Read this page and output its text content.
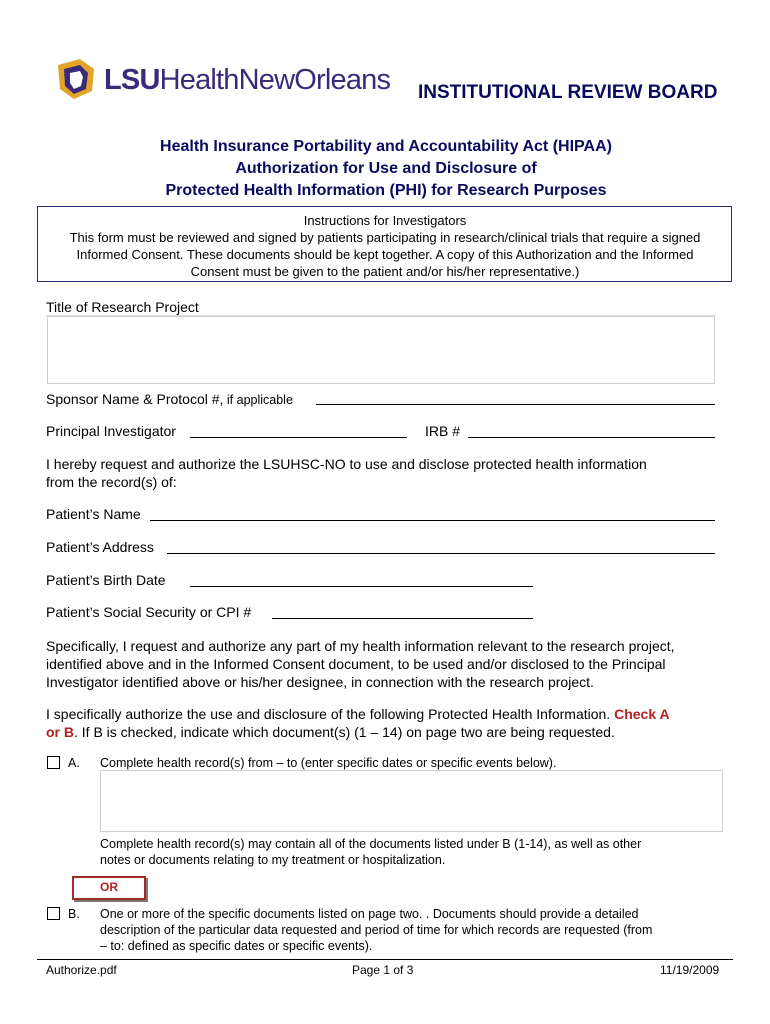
LSUHealthNewOrleans INSTITUTIONAL REVIEW BOARD
Health Insurance Portability and Accountability Act (HIPAA)
Authorization for Use and Disclosure of
Protected Health Information (PHI) for Research Purposes
Instructions for Investigators
This form must be reviewed and signed by patients participating in research/clinical trials that require a signed
Informed Consent. These documents should be kept together. A copy of this Authorization and the Informed
Consent must be given to the patient and/or his/her representative.)
Title of Research Project
Sponsor Name & Protocol #, if applicable
Principal Investigator	IRB #
I hereby request and authorize the LSUHSC-NO to use and disclose protected health information
from the record(s) of:
Patient’s Name
Patient’s Address
Patient’s Birth Date
Patient’s Social Security or CPI #
Specifically, I request and authorize any part of my health information relevant to the research project,
identified above and in the Informed Consent document, to be used and/or disclosed to the Principal
Investigator identified above or his/her designee, in connection with the research project.
I specifically authorize the use and disclosure of the following Protected Health Information. Check A
or B. If B is checked, indicate which document(s) (1 – 14) on page two are being requested.
A. Complete health record(s) from – to (enter specific dates or specific events below).
Complete health record(s) may contain all of the documents listed under B (1-14), as well as other
notes or documents relating to my treatment or hospitalization.
OR
B. One or more of the specific documents listed on page two. . Documents should provide a detailed
description of the particular data requested and period of time for which records are requested (from
– to: defined as specific dates or specific events).
Authorize.pdf	Page 1 of 3	11/19/2009
